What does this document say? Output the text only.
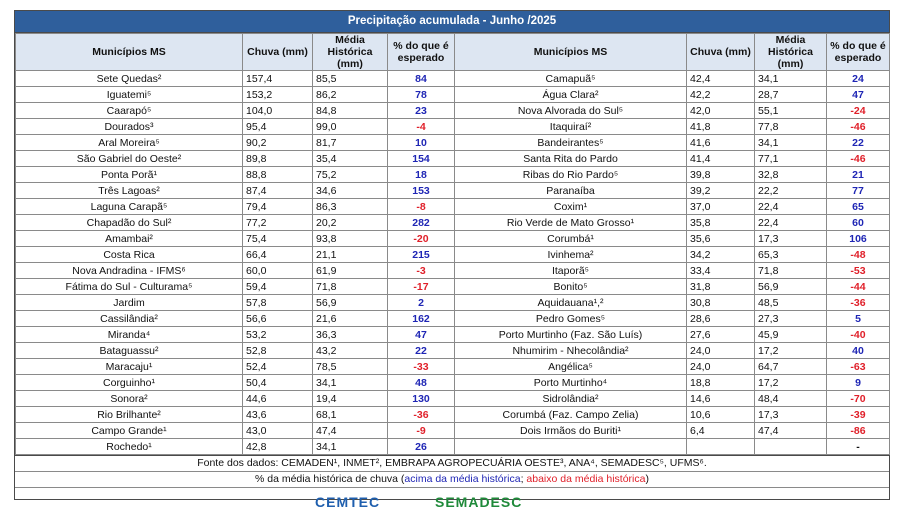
Precipitação acumulada - Junho /2025
Municípios MS	Chuva (mm)	Média Histórica (mm)	% do que é esperado	Municípios MS	Chuva (mm)	Média Histórica (mm)	% do que é esperado
Sete Quedas²	157,4	85,5	84	Camapuã⁵	42,4	34,1	24
Iguatemi⁵	153,2	86,2	78	Água Clara²	42,2	28,7	47
Caarapó⁵	104,0	84,8	23	Nova Alvorada do Sul⁵	42,0	55,1	-24
Dourados³	95,4	99,0	-4	Itaquiraí²	41,8	77,8	-46
Aral Moreira⁵	90,2	81,7	10	Bandeirantes⁵	41,6	34,1	22
São Gabriel do Oeste²	89,8	35,4	154	Santa Rita do Pardo	41,4	77,1	-46
Ponta Porã¹	88,8	75,2	18	Ribas do Rio Pardo⁵	39,8	32,8	21
Três Lagoas²	87,4	34,6	153	Paranaíba	39,2	22,2	77
Laguna Carapã⁵	79,4	86,3	-8	Coxim¹	37,0	22,4	65
Chapadão do Sul²	77,2	20,2	282	Rio Verde de Mato Grosso¹	35,8	22,4	60
Amambai²	75,4	93,8	-20	Corumbá¹	35,6	17,3	106
Costa Rica	66,4	21,1	215	Ivinhema²	34,2	65,3	-48
Nova Andradina - IFMS⁶	60,0	61,9	-3	Itaporã⁵	33,4	71,8	-53
Fátima do Sul - Culturama⁵	59,4	71,8	-17	Bonito⁵	31,8	56,9	-44
Jardim	57,8	56,9	2	Aquidauana¹,²	30,8	48,5	-36
Cassilândia²	56,6	21,6	162	Pedro Gomes⁵	28,6	27,3	5
Miranda⁴	53,2	36,3	47	Porto Murtinho (Faz. São Luís)	27,6	45,9	-40
Bataguassu²	52,8	43,2	22	Nhumirim - Nhecolândia²	24,0	17,2	40
Maracaju¹	52,4	78,5	-33	Angélica⁵	24,0	64,7	-63
Corguinho¹	50,4	34,1	48	Porto Murtinho⁴	18,8	17,2	9
Sonora²	44,6	19,4	130	Sidrolândia²	14,6	48,4	-70
Rio Brilhante²	43,6	68,1	-36	Corumbá (Faz. Campo Zelia)	10,6	17,3	-39
Campo Grande¹	43,0	47,4	-9	Dois Irmãos do Buriti¹	6,4	47,4	-86
Rochedo¹	42,8	34,1	26				-
Fonte dos dados: CEMADEN¹, INMET², EMBRAPA AGROPECUÁRIA OESTE³, ANA⁴, SEMADESC⁵, UFMS⁶.
% da média histórica de chuva (acima da média histórica; abaixo da média histórica)
CEMTEC	SEMADESC
